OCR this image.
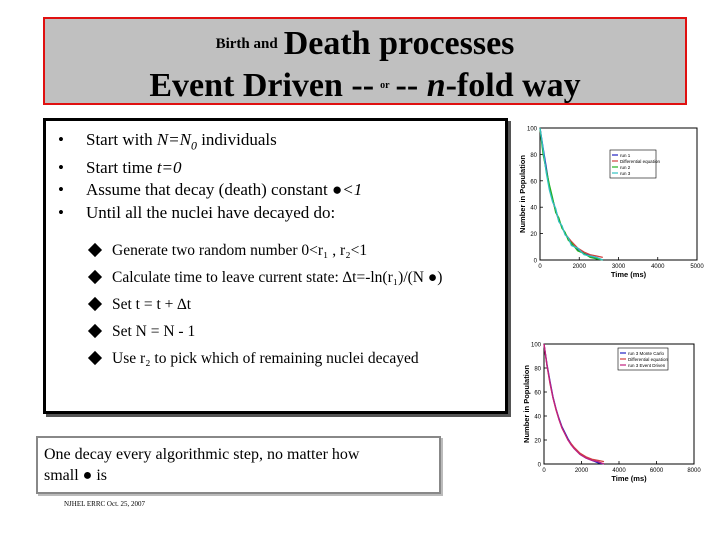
Birth and Death processes
Event Driven -- $^{or}$ -- n-fold way
• Start with $N=N_0$ individuals
• Start time t=0
• Assume that decay (death) constant ●<1
• Until all the nuclei have decayed do:
Generate two random number 0<r₁ , r₂<1
Calculate time to leave current state: ∆t=-ln(r₁)/(N ●)
Set t = t + ∆t
Set N = N - 1
Use r₂ to pick which of remaining nuclei decayed
One decay every algorithmic step, no matter how
small ● is
NJHEL ERRC Oct. 25, 2007
0
20
40
60
80
100
0	2000	3000	4000	5000
Time (ms)
Number in Population	run 1
Differential equation
run 2
run 3
0
20
40
60
80
100
0	2000	4000	6000	8000
Time (ms)
Number in Population
run 3 Monte Carlo
Differential equation
run 3 Event Driven
